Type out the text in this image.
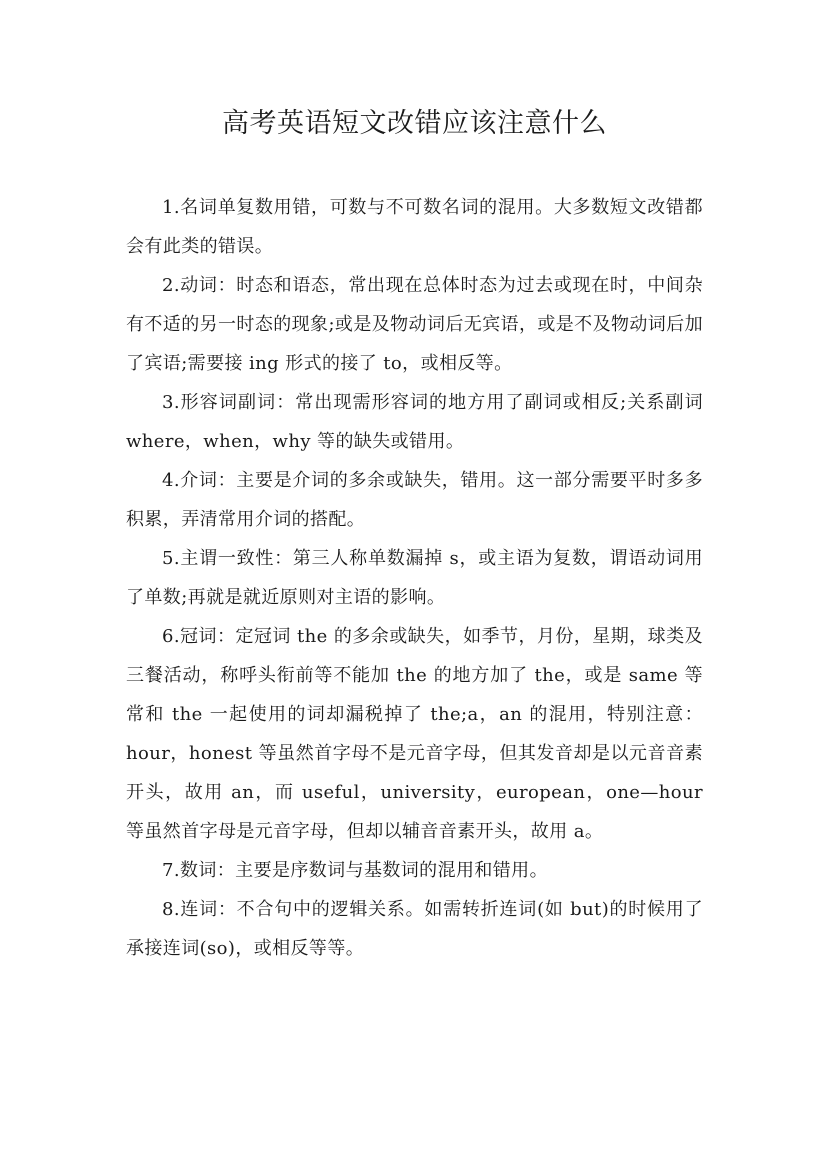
高考英语短文改错应该注意什么

1.名词单复数用错，可数与不可数名词的混用。大多数短文改错都会有此类的错误。

2.动词：时态和语态，常出现在总体时态为过去或现在时，中间杂有不适的另一时态的现象;或是及物动词后无宾语，或是不及物动词后加了宾语;需要接 ing 形式的接了 to，或相反等。

3.形容词副词：常出现需形容词的地方用了副词或相反;关系副词 where，when，why 等的缺失或错用。

4.介词：主要是介词的多余或缺失，错用。这一部分需要平时多多积累，弄清常用介词的搭配。

5.主谓一致性：第三人称单数漏掉 s，或主语为复数，谓语动词用了单数;再就是就近原则对主语的影响。

6.冠词：定冠词 the 的多余或缺失，如季节，月份，星期，球类及三餐活动，称呼头衔前等不能加 the 的地方加了 the，或是 same 等常和 the 一起使用的词却漏税掉了 the;a，an 的混用，特别注意：hour，honest 等虽然首字母不是元音字母，但其发音却是以元音音素开头，故用 an，而 useful，university，european，one—hour 等虽然首字母是元音字母，但却以辅音音素开头，故用 a。

7.数词：主要是序数词与基数词的混用和错用。

8.连词：不合句中的逻辑关系。如需转折连词(如 but)的时候用了承接连词(so)，或相反等等。
